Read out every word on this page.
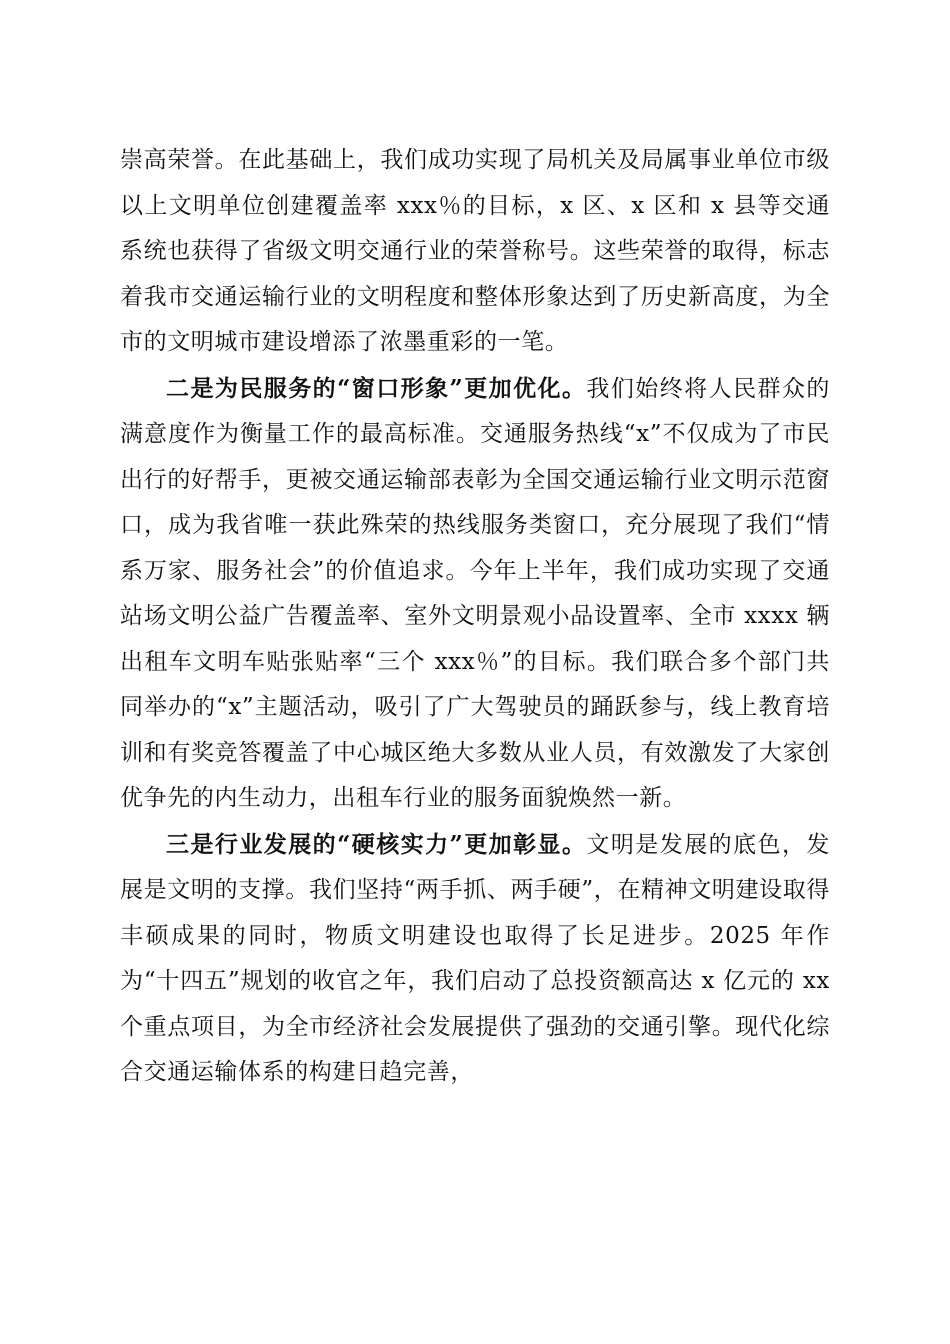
崇高荣誉。在此基础上，我们成功实现了局机关及局属事业单位市级以上文明单位创建覆盖率 xxx％的目标，x 区、x 区和 x 县等交通系统也获得了省级文明交通行业的荣誉称号。这些荣誉的取得，标志着我市交通运输行业的文明程度和整体形象达到了历史新高度，为全市的文明城市建设增添了浓墨重彩的一笔。

二是为民服务的“窗口形象”更加优化。我们始终将人民群众的满意度作为衡量工作的最高标准。交通服务热线“x”不仅成为了市民出行的好帮手，更被交通运输部表彰为全国交通运输行业文明示范窗口，成为我省唯一获此殊荣的热线服务类窗口，充分展现了我们“情系万家、服务社会”的价值追求。今年上半年，我们成功实现了交通站场文明公益广告覆盖率、室外文明景观小品设置率、全市 xxxx 辆出租车文明车贴张贴率“三个 xxx％”的目标。我们联合多个部门共同举办的“x”主题活动，吸引了广大驾驶员的踊跃参与，线上教育培训和有奖竞答覆盖了中心城区绝大多数从业人员，有效激发了大家创优争先的内生动力，出租车行业的服务面貌焕然一新。

三是行业发展的“硬核实力”更加彰显。文明是发展的底色，发展是文明的支撑。我们坚持“两手抓、两手硬”，在精神文明建设取得丰硕成果的同时，物质文明建设也取得了长足进步。2025 年作为“十四五”规划的收官之年，我们启动了总投资额高达 x 亿元的 xx 个重点项目，为全市经济社会发展提供了强劲的交通引擎。现代化综合交通运输体系的构建日趋完善，
